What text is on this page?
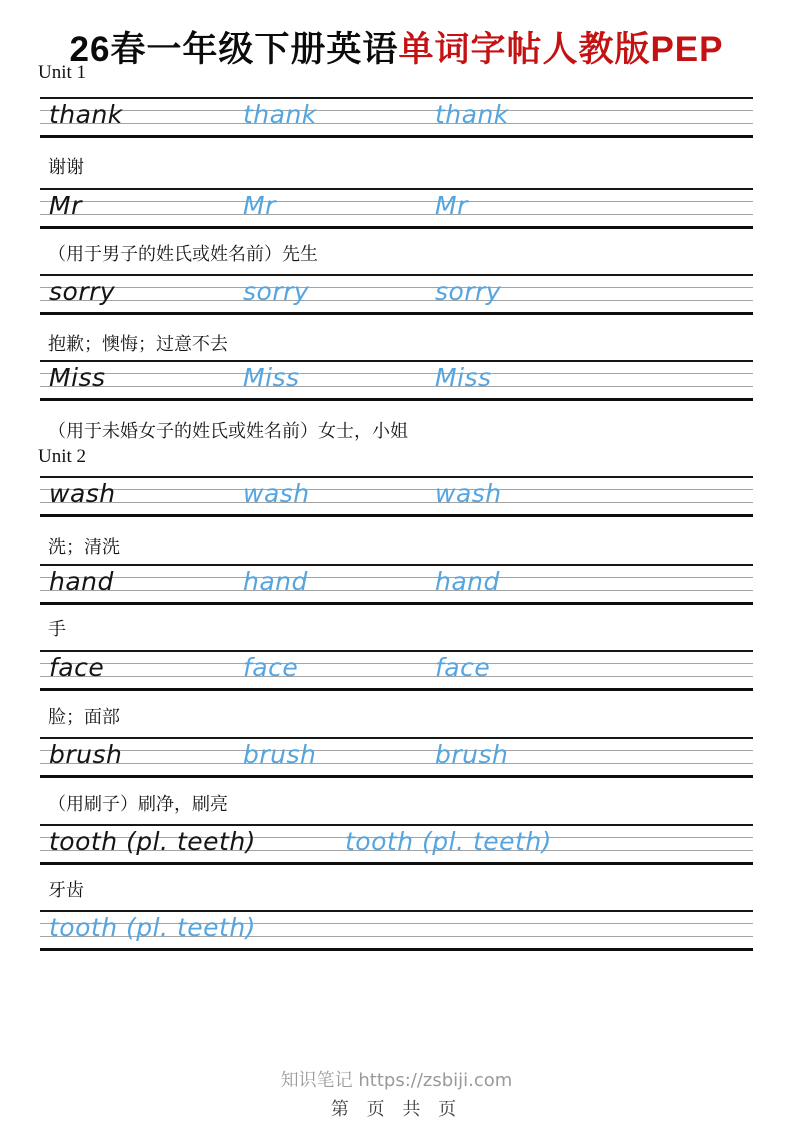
26春一年级下册英语单词字帖人教版PEP
Unit 1
thank	thank	thank
谢谢
Mr	Mr	Mr
（用于男子的姓氏或姓名前）先生
sorry	sorry	sorry
抱歉；懊悔；过意不去
Miss	Miss	Miss
（用于未婚女子的姓氏或姓名前）女士，小姐
Unit 2
wash	wash	wash
洗；清洗
hand	hand	hand
手
face	face	face
脸；面部
brush	brush	brush
（用刷子）刷净，刷亮
tooth (pl. teeth)	tooth (pl. teeth)
牙齿
tooth (pl. teeth)
知识笔记 https://zsbiji.com
第 页 共 页
